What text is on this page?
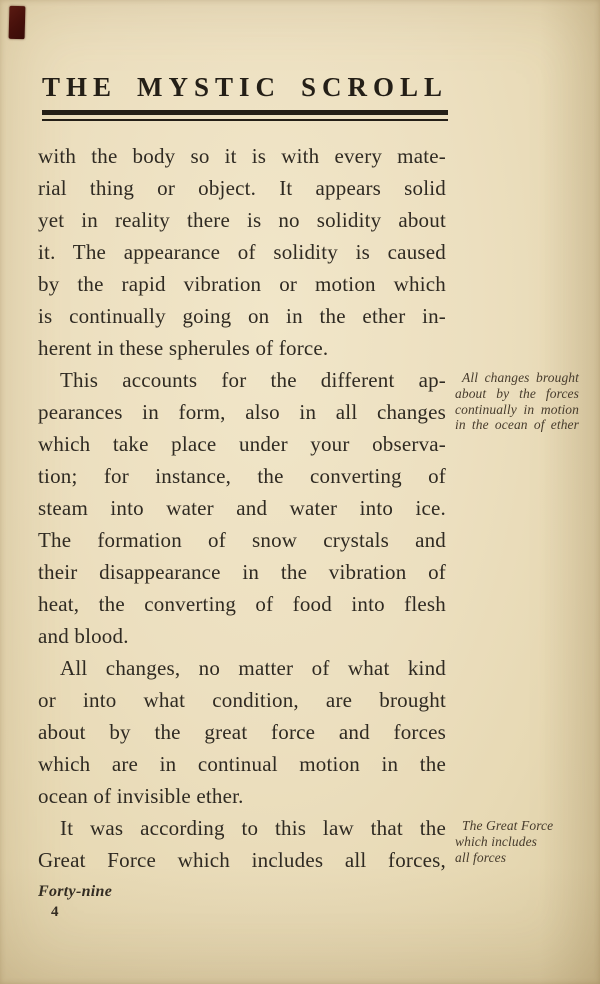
THE MYSTIC SCROLL
with the body so it is with every mate-
rial thing or object. It appears solid
yet in reality there is no solidity about
it. The appearance of solidity is caused
by the rapid vibration or motion which
is continually going on in the ether in-
herent in these spherules of force.
This accounts for the different ap-
pearances in form, also in all changes
which take place under your observa-
tion; for instance, the converting of
steam into water and water into ice.
The formation of snow crystals and
their disappearance in the vibration of
heat, the converting of food into flesh
and blood.
All changes, no matter of what kind
or into what condition, are brought
about by the great force and forces
which are in continual motion in the
ocean of invisible ether.
It was according to this law that the
Great Force which includes all forces,
All changes brought
about by the forces
continually in motion
in the ocean of ether
The Great Force
which includes
all forces
Forty-nine
4
